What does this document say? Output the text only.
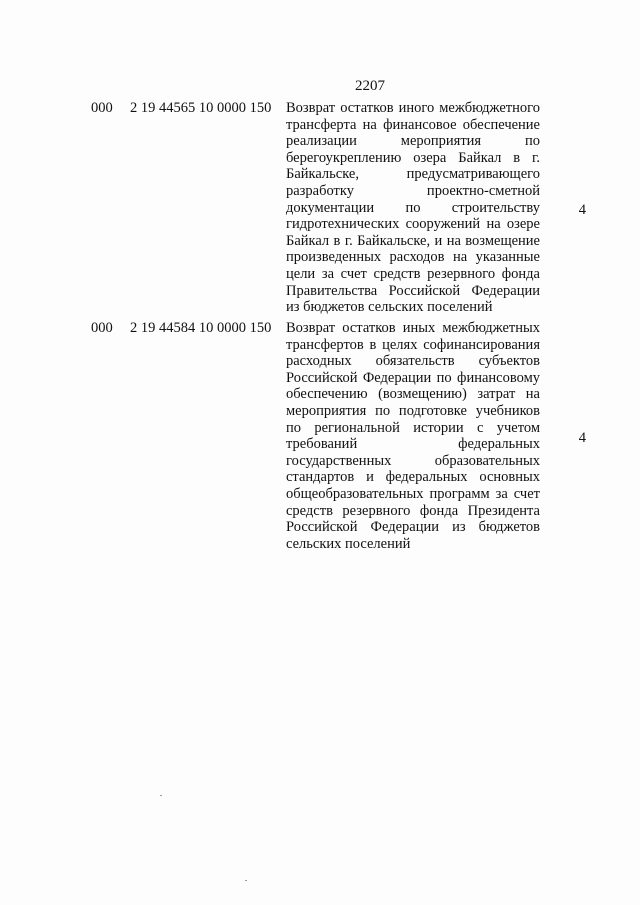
2207
000 2 19 44565 10 0000 150 Возврат остатков иного межбюджетного трансферта на финансовое обеспечение реализации мероприятия по берегоукреплению озера Байкал в г. Байкальске, предусматривающего разработку проектно-сметной документации по строительству гидротехнических сооружений на озере Байкал в г. Байкальске, и на возмещение произведенных расходов на указанные цели за счет средств резервного фонда Правительства Российской Федерации из бюджетов сельских поселений
4
000 2 19 44584 10 0000 150 Возврат остатков иных межбюджетных трансфертов в целях софинансирования расходных обязательств субъектов Российской Федерации по финансовому обеспечению (возмещению) затрат на мероприятия по подготовке учебников по региональной истории с учетом требований федеральных государственных образовательных стандартов и федеральных основных общеобразовательных программ за счет средств резервного фонда Президента Российской Федерации из бюджетов сельских поселений
4
